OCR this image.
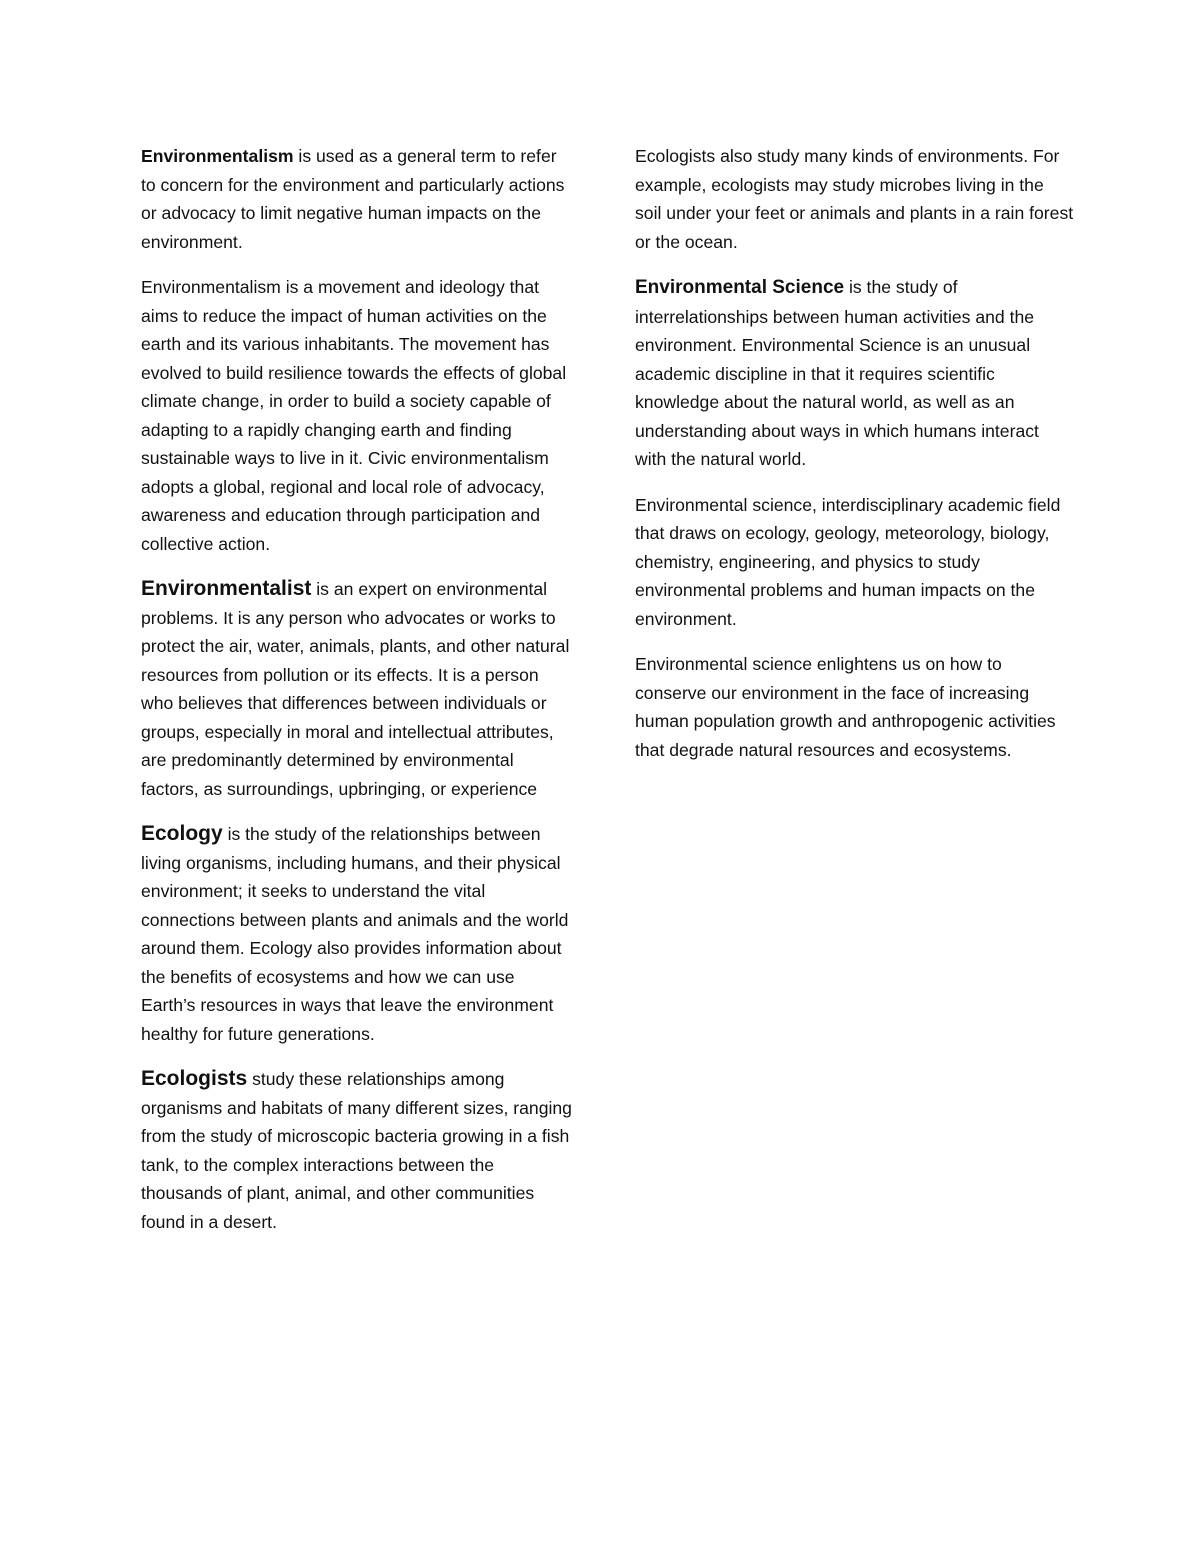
Environmentalism is used as a general term to refer to concern for the environment and particularly actions or advocacy to limit negative human impacts on the environment.

Environmentalism is a movement and ideology that aims to reduce the impact of human activities on the earth and its various inhabitants. The movement has evolved to build resilience towards the effects of global climate change, in order to build a society capable of adapting to a rapidly changing earth and finding sustainable ways to live in it. Civic environmentalism adopts a global, regional and local role of advocacy, awareness and education through participation and collective action.

Environmentalist is an expert on environmental problems. It is any person who advocates or works to protect the air, water, animals, plants, and other natural resources from pollution or its effects. It is a person who believes that differences between individuals or groups, especially in moral and intellectual attributes, are predominantly determined by environmental factors, as surroundings, upbringing, or experience

Ecology is the study of the relationships between living organisms, including humans, and their physical environment; it seeks to understand the vital connections between plants and animals and the world around them. Ecology also provides information about the benefits of ecosystems and how we can use Earth’s resources in ways that leave the environment healthy for future generations.

Ecologists study these relationships among organisms and habitats of many different sizes, ranging from the study of microscopic bacteria growing in a fish tank, to the complex interactions between the thousands of plant, animal, and other communities found in a desert.

Ecologists also study many kinds of environments. For example, ecologists may study microbes living in the soil under your feet or animals and plants in a rain forest or the ocean.

Environmental Science is the study of interrelationships between human activities and the environment. Environmental Science is an unusual academic discipline in that it requires scientific knowledge about the natural world, as well as an understanding about ways in which humans interact with the natural world.

Environmental science, interdisciplinary academic field that draws on ecology, geology, meteorology, biology, chemistry, engineering, and physics to study environmental problems and human impacts on the environment.

Environmental science enlightens us on how to conserve our environment in the face of increasing human population growth and anthropogenic activities that degrade natural resources and ecosystems.
